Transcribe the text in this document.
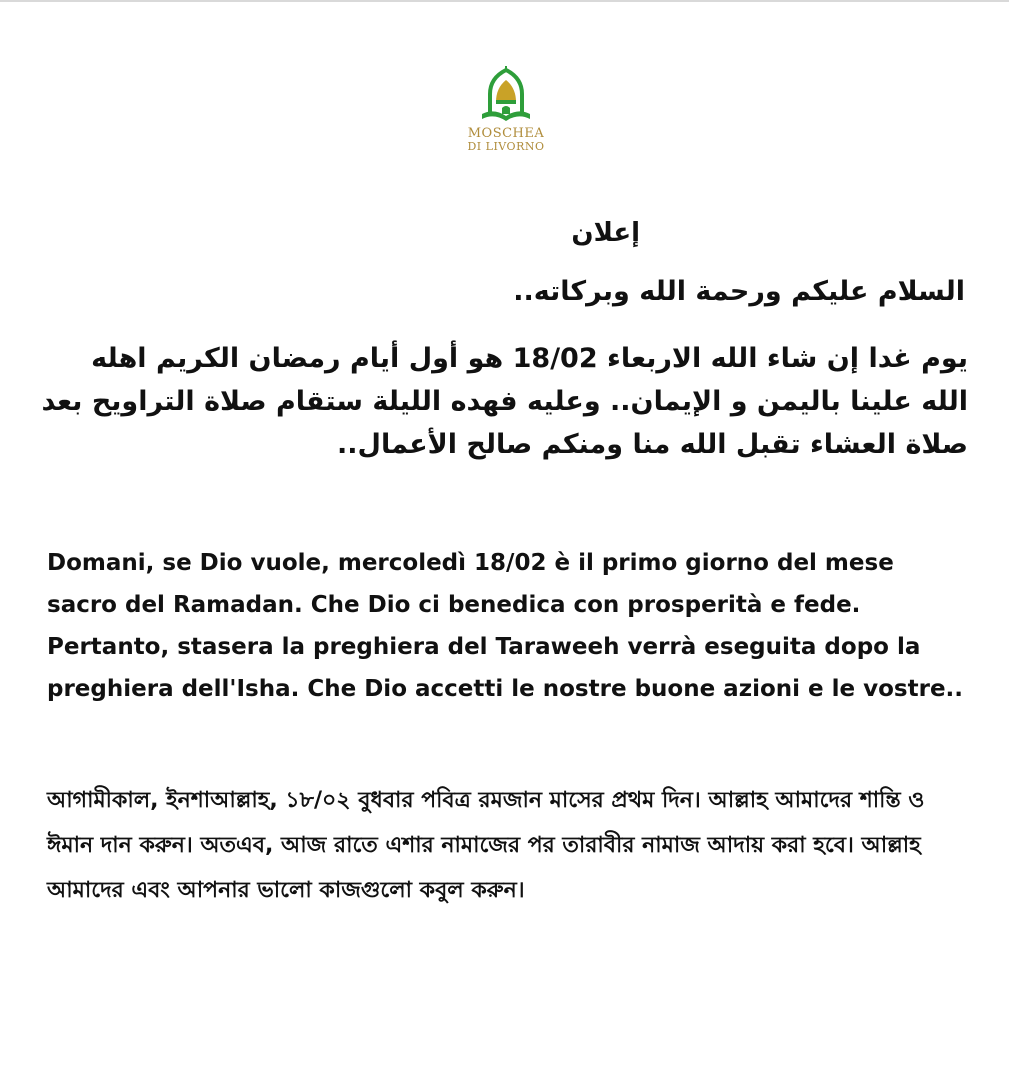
MOSCHEA
DI LIVORNO
إعلان
السلام عليكم ورحمة الله وبركاته..
يوم غدا إن شاء الله الاربعاء 18/02 هو أول أيام رمضان الكريم اهله الله علينا باليمن و الإيمان.. وعليه فهده الليلة ستقام صلاة التراويح بعد صلاة العشاء تقبل الله منا ومنكم صالح الأعمال..
Domani, se Dio vuole, mercoledì 18/02 è il primo giorno del mese sacro del Ramadan. Che Dio ci benedica con prosperità e fede. Pertanto, stasera la preghiera del Taraweeh verrà eseguita dopo la preghiera dell'Isha. Che Dio accetti le nostre buone azioni e le vostre..
আগামীকাল, ইনশাআল্লাহ, ১৮/০২ বুধবার পবিত্র রমজান মাসের প্রথম দিন। আল্লাহ আমাদের শান্তি ও ঈমান দান করুন। অতএব, আজ রাতে এশার নামাজের পর তারাবীর নামাজ আদায় করা হবে। আল্লাহ আমাদের এবং আপনার ভালো কাজগুলো কবুল করুন।
